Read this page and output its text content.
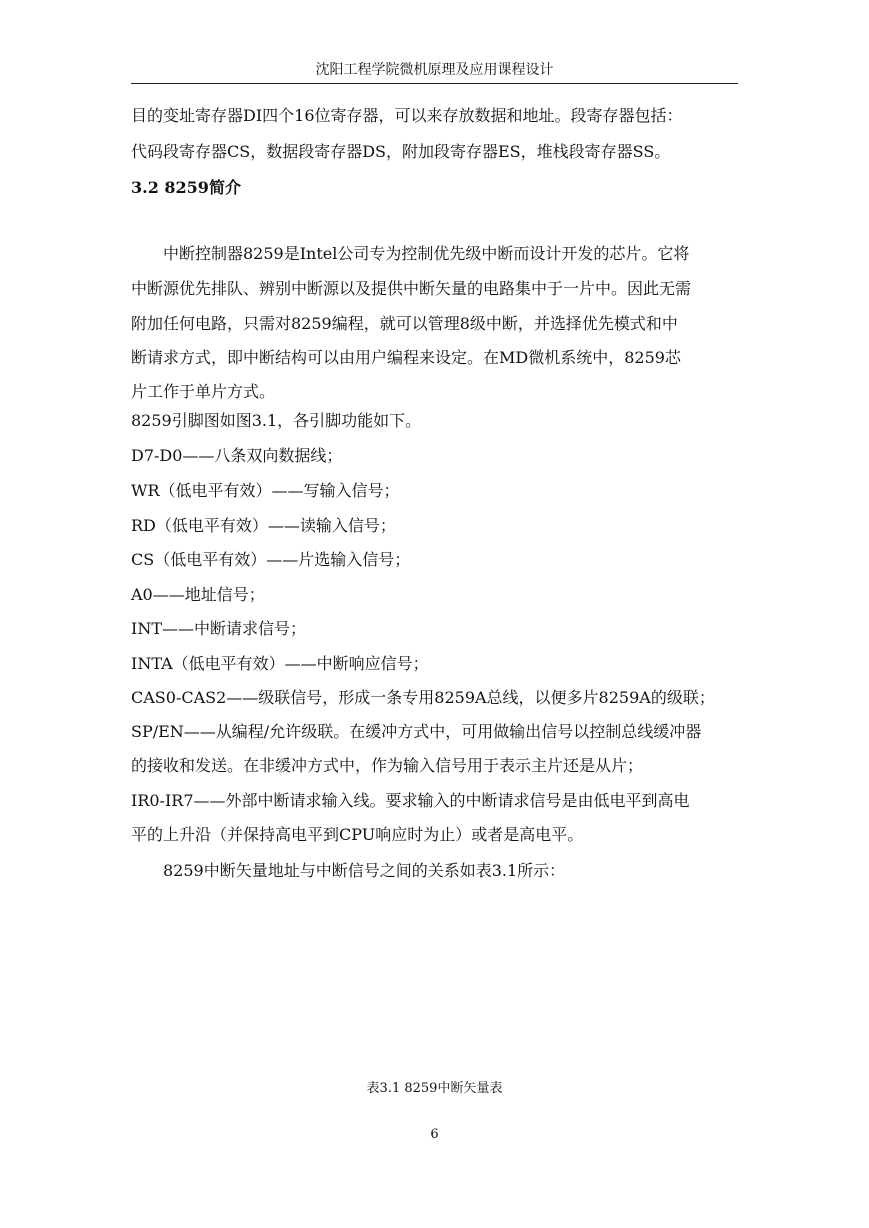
沈阳工程学院微机原理及应用课程设计
目的变址寄存器DI四个16位寄存器，可以来存放数据和地址。段寄存器包括：
代码段寄存器CS，数据段寄存器DS，附加段寄存器ES，堆栈段寄存器SS。
3.2 8259简介
中断控制器8259是Intel公司专为控制优先级中断而设计开发的芯片。它将
中断源优先排队、辨别中断源以及提供中断矢量的电路集中于一片中。因此无需
附加任何电路，只需对8259编程，就可以管理8级中断，并选择优先模式和中
断请求方式，即中断结构可以由用户编程来设定。在MD微机系统中，8259芯
片工作于单片方式。
8259引脚图如图3.1，各引脚功能如下。
D7-D0——八条双向数据线；
WR（低电平有效）——写输入信号；
RD（低电平有效）——读输入信号；
CS（低电平有效）——片选输入信号；
A0——地址信号；
INT——中断请求信号；
INTA（低电平有效）——中断响应信号；
CAS0-CAS2——级联信号，形成一条专用8259A总线，以便多片8259A的级联；
SP/EN——从编程/允许级联。在缓冲方式中，可用做输出信号以控制总线缓冲器
的接收和发送。在非缓冲方式中，作为输入信号用于表示主片还是从片；
IR0-IR7——外部中断请求输入线。要求输入的中断请求信号是由低电平到高电
平的上升沿（并保持高电平到CPU响应时为止）或者是高电平。
8259中断矢量地址与中断信号之间的关系如表3.1所示：
表3.1 8259中断矢量表
6
